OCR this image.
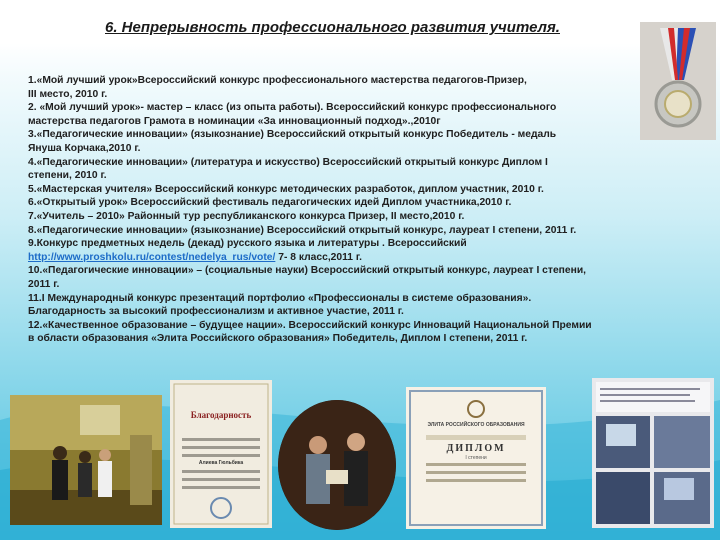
6. Непрерывность профессионального развития учителя.

1.«Мой лучший урок»Всероссийский конкурс профессионального мастерства педагогов-Призер,

III место, 2010 г.

2. «Мой лучший урок»- мастер – класс (из опыта работы). Всероссийский конкурс профессионального

мастерства педагогов Грамота в номинации «За инновационный подход».,2010г

3.«Педагогические инновации» (языкознание) Всероссийский открытый конкурс Победитель - медаль

Януша Корчака,2010 г.

4.«Педагогические инновации» (литература и искусство) Всероссийский открытый конкурс Диплом I

степени, 2010 г.

5.«Мастерская учителя» Всероссийский конкурс методических разработок, диплом участник, 2010 г.

6.«Открытый урок» Всероссийский фестиваль педагогических идей Диплом участника,2010 г.

7.«Учитель – 2010» Районный тур республиканского конкурса Призер, II место,2010 г.

8.«Педагогические инновации» (языкознание) Всероссийский открытый конкурс, лауреат I степени, 2011 г.

9.Конкурс предметных недель (декад) русского языка и литературы . Всероссийский

http://www.proshkolu.ru/contest/nedelya_rus/vote/ 7- 8 класс,2011 г.

10.«Педагогические инновации» – (социальные науки) Всероссийский открытый конкурс, лауреат I степени,

2011 г.

11.I Международный конкурс презентаций портфолио «Профессионалы в системе образования».

Благодарность за высокий профессионализм и активное участие, 2011 г.

12.«Качественное образование – будущее нации». Всероссийский конкурс Инноваций Национальной Премии

в области образования «Элита Российского образования» Победитель, Диплом I степени, 2011 г.

Благодарность
Алиева Гюльбика
ЭЛИТА РОССИЙСКОГО ОБРАЗОВАНИЯ
ДИПЛОМ
I степени
